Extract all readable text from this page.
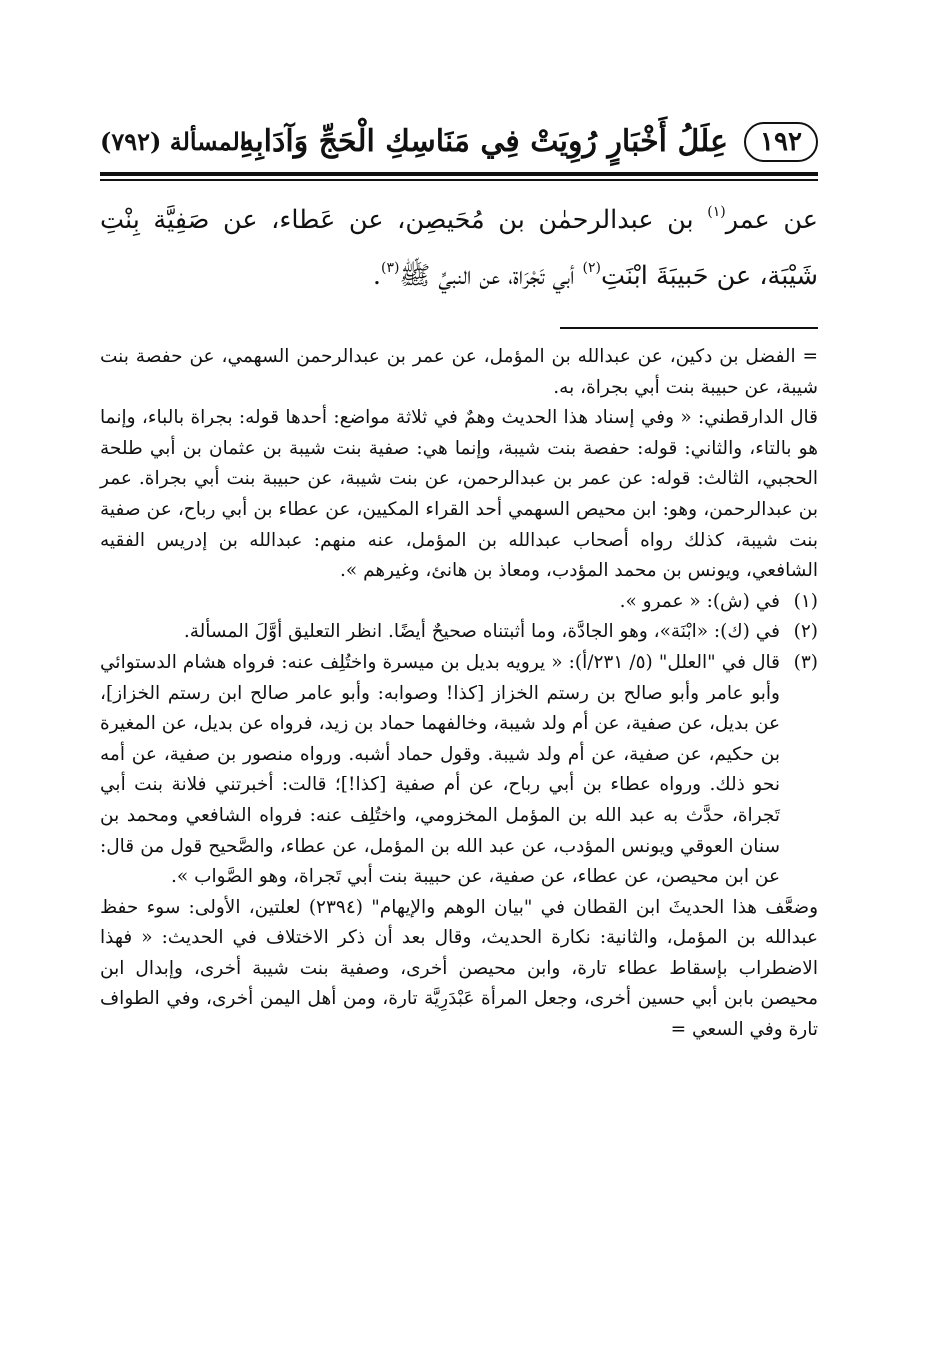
١٩٢
عِلَلُ أَخْبَارٍ رُوِيَتْ فِي مَنَاسِكِ الْحَجِّ وَآدَابِهِ
المسألة (٧٩٢)

عن عمر$^{(١)}$ بن عبدالرحمٰن بن مُحَيصِن، عن عَطاء، عن صَفِيَّة بِنْتِ شَيْبَة، عن حَبيبَةَ ابْنَتِ$^{(٢)}$ أبي تَجْرَاة، عن النبيِّ ﷺ$^{(٣)}$.

= الفضل بن دكين، عن عبدالله بن المؤمل، عن عمر بن عبدالرحمن السهمي، عن حفصة بنت شيبة، عن حبيبة بنت أبي بجراة، به.

قال الدارقطني: « وفي إسناد هذا الحديث وهمٌ في ثلاثة مواضع: أحدها قوله: بجراة بالباء، وإنما هو بالتاء، والثاني: قوله: حفصة بنت شيبة، وإنما هي: صفية بنت شيبة بن عثمان بن أبي طلحة الحجبي، الثالث: قوله: عن عمر بن عبدالرحمن، عن بنت شيبة، عن حبيبة بنت أبي بجراة. عمر بن عبدالرحمن، وهو: ابن محيص السهمي أحد القراء المكيين، عن عطاء بن أبي رباح، عن صفية بنت شيبة، كذلك رواه أصحاب عبدالله بن المؤمل، عنه منهم: عبدالله بن إدريس الفقيه الشافعي، ويونس بن محمد المؤدب، ومعاذ بن هانئ، وغيرهم ».

(١)
في (ش): « عمرو ».
(٢)
في (ك): «ابْنَة»، وهو الجادَّة، وما أثبتناه صحيحٌ أيضًا. انظر التعليق أوَّلَ المسألة.
(٣)
قال في "العلل" (٥/ ٢٣١/أ): « يرويه بديل بن ميسرة واختُلِف عنه: فرواه هشام الدستوائي وأبو عامر وأبو صالح بن رستم الخزاز [كذا! وصوابه: وأبو عامر صالح ابن رستم الخزاز]، عن بديل، عن صفية، عن أم ولد شيبة، وخالفهما حماد بن زيد، فرواه عن بديل، عن المغيرة بن حكيم، عن صفية، عن أم ولد شيبة. وقول حماد أشبه. ورواه منصور بن صفية، عن أمه نحو ذلك. ورواه عطاء بن أبي رباح، عن أم صفية [كذا!]؛ قالت: أخبرتني فلانة بنت أبي تَجراة، حدَّث به عبد الله بن المؤمل المخزومي، واختُلِف عنه: فرواه الشافعي ومحمد بن سنان العوقي ويونس المؤدب، عن عبد الله بن المؤمل، عن عطاء، والصَّحيح قول من قال: عن ابن محيصن، عن عطاء، عن صفية، عن حبيبة بنت أبي تَجراة، وهو الصَّواب ».

وضعَّف هذا الحديثَ ابن القطان في "بيان الوهم والإيهام" (٢٣٩٤) لعلتين، الأولى: سوء حفظ عبدالله بن المؤمل، والثانية: نكارة الحديث، وقال بعد أن ذكر الاختلاف في الحديث: « فهذا الاضطراب بإسقاط عطاء تارة، وابن محيصن أخرى، وصفية بنت شيبة أخرى، وإبدال ابن محيصن بابن أبي حسين أخرى، وجعل المرأة عَبْدَرِيَّة تارة، ومن أهل اليمن أخرى، وفي الطواف تارة وفي السعي =
